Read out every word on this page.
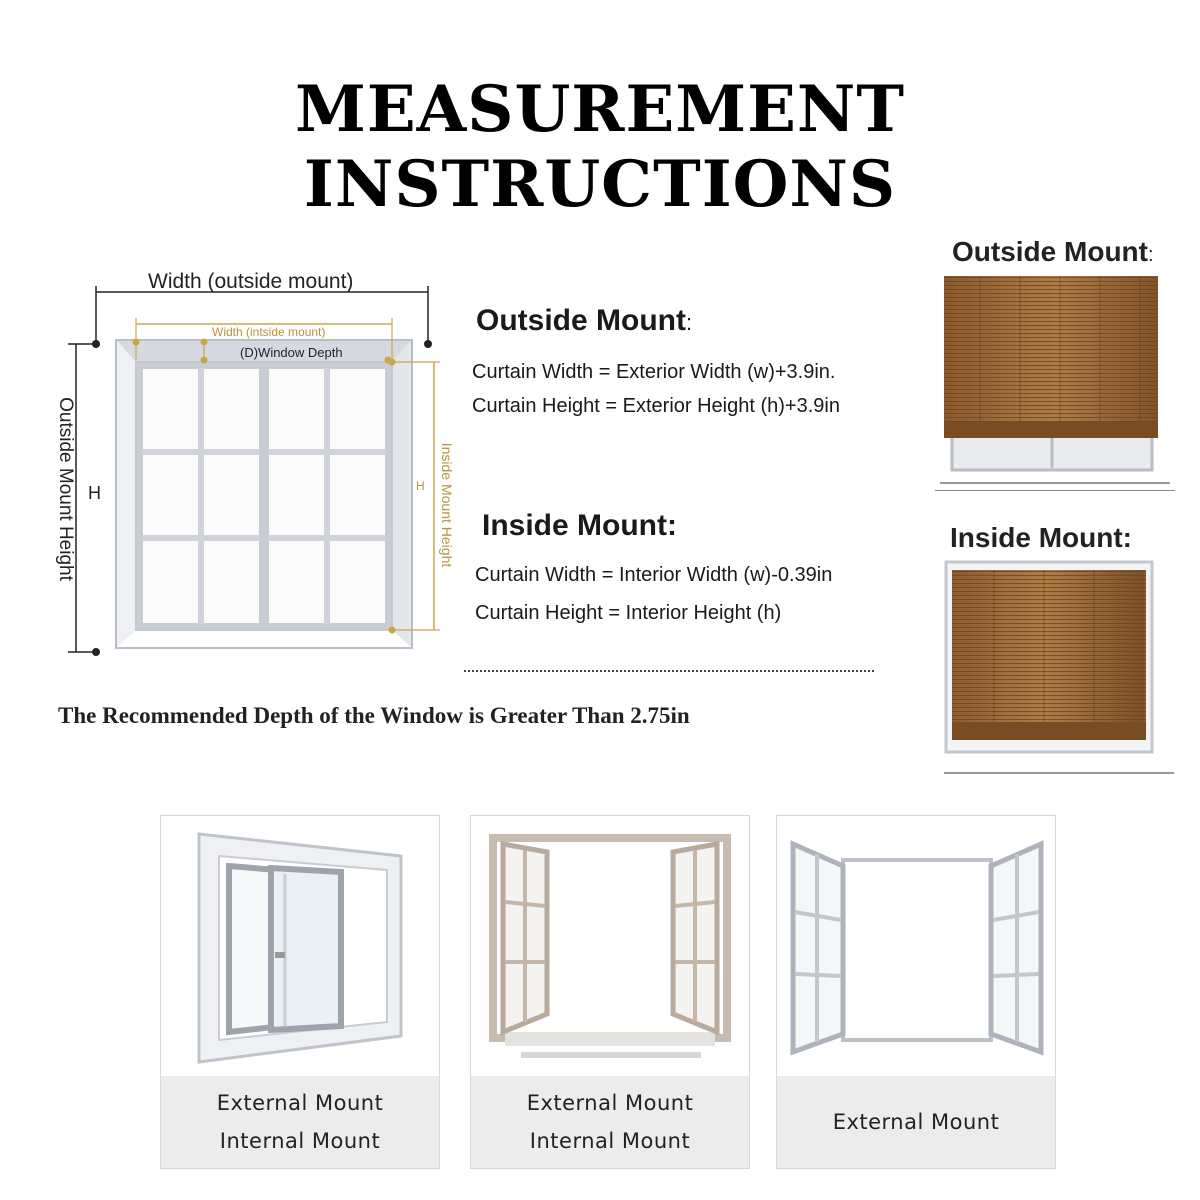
MEASUREMENT INSTRUCTIONS
Width (outside mount)
Width (intside mount)
(D)Window Depth
H	H
Outside Mount Height	Inside Mount Height
Outside Mount:
Curtain Width = Exterior Width (w)+3.9in.
Curtain Height = Exterior Height (h)+3.9in
Inside Mount:
Curtain Width = Interior Width (w)-0.39in
Curtain Height = Interior Height (h)
The Recommended Depth of the Window is Greater Than 2.75in
Outside Mount:
Inside Mount:
External Mount
Internal Mount
External Mount
Internal Mount
External Mount
